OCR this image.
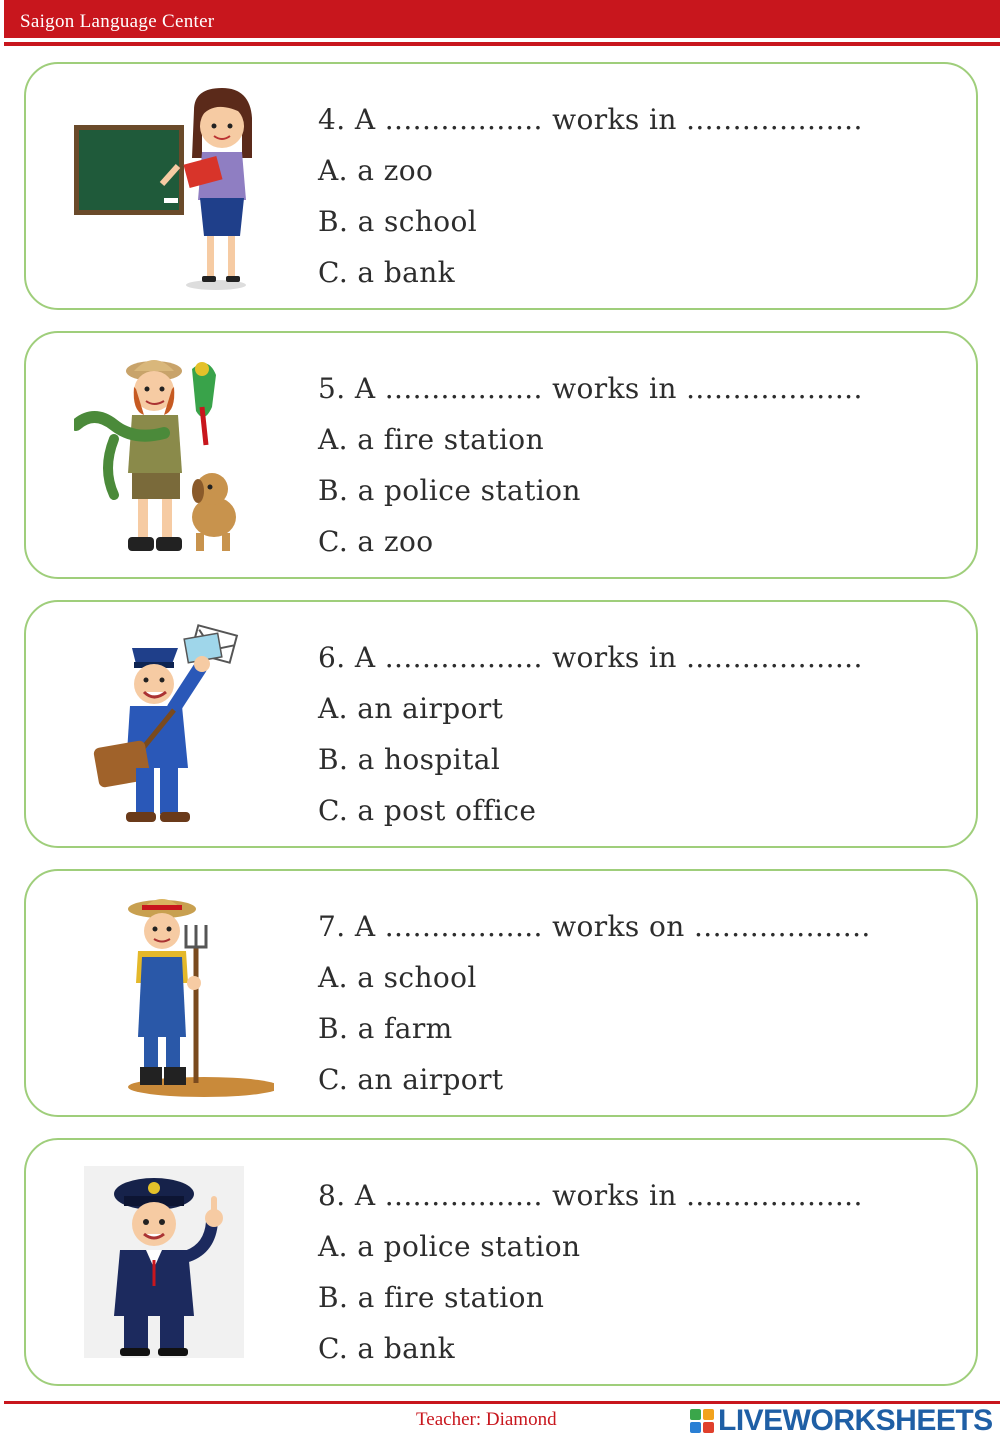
Saigon Language Center
4. A ................. works in ...................
A. a zoo
B. a school
C. a bank
5. A ................. works in ...................
A. a fire station
B. a police station
C. a zoo
6. A ................. works in ...................
A. an airport
B. a hospital
C. a post office
7. A ................. works on ...................
A. a school
B. a farm
C. an airport
8. A ................. works in ...................
A. a police station
B. a fire station
C. a bank
Teacher: Diamond	LIVEWORKSHEETS
